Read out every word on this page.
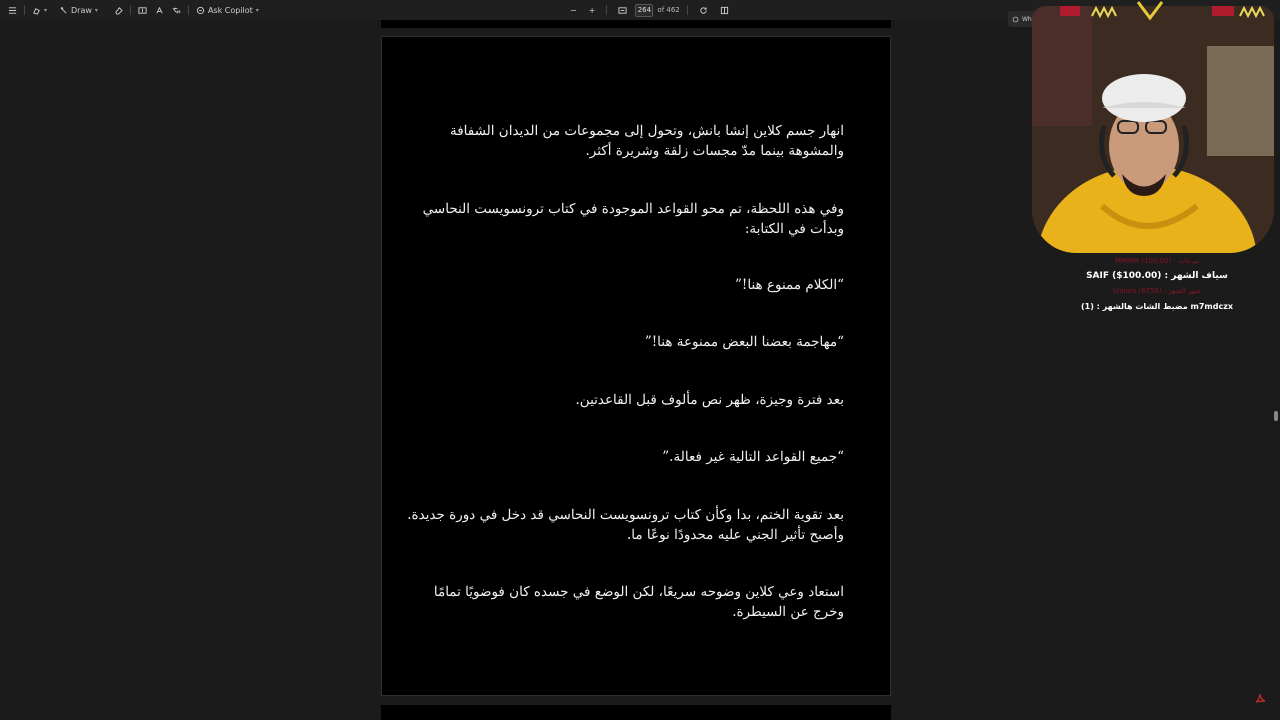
▾	Draw ▾	Ask Copilot ▾	− +
264	of 462
انهار جسم كلاين إنشا بانش، وتحول إلى مجموعات من الديدان الشفافة
والمشوهة بينما مدّ مجسات زلقة وشريرة أكثر.
وفي هذه اللحظة، تم محو القواعد الموجودة في كتاب ترونسويست النحاسي
وبدأت في الكتابة:
“الكلام ممنوع هنا!”
“مهاجمة بعضنا البعض ممنوعة هنا!”
بعد فترة وجيزة، ظهر نص مألوف قبل القاعدتين.
“جميع القواعد التالية غير فعالة.”
بعد تقوية الختم، بدا وكأن كتاب ترونسويست النحاسي قد دخل في دورة جديدة.
وأصبح تأثير الجني عليه محدودًا نوعًا ما.
استعاد وعي كلاين وضوحه سريعًا، لكن الوضع في جسده كان فوضويًا تمامًا
وخرج عن السيطرة.
Wh
MMMM (100,00) - تبرعات
SAIF ($100.00) : سياف الشهر
blalala (6755) : شهر الشهر
مضبط الشات هالشهر : (1) m7mdczx
